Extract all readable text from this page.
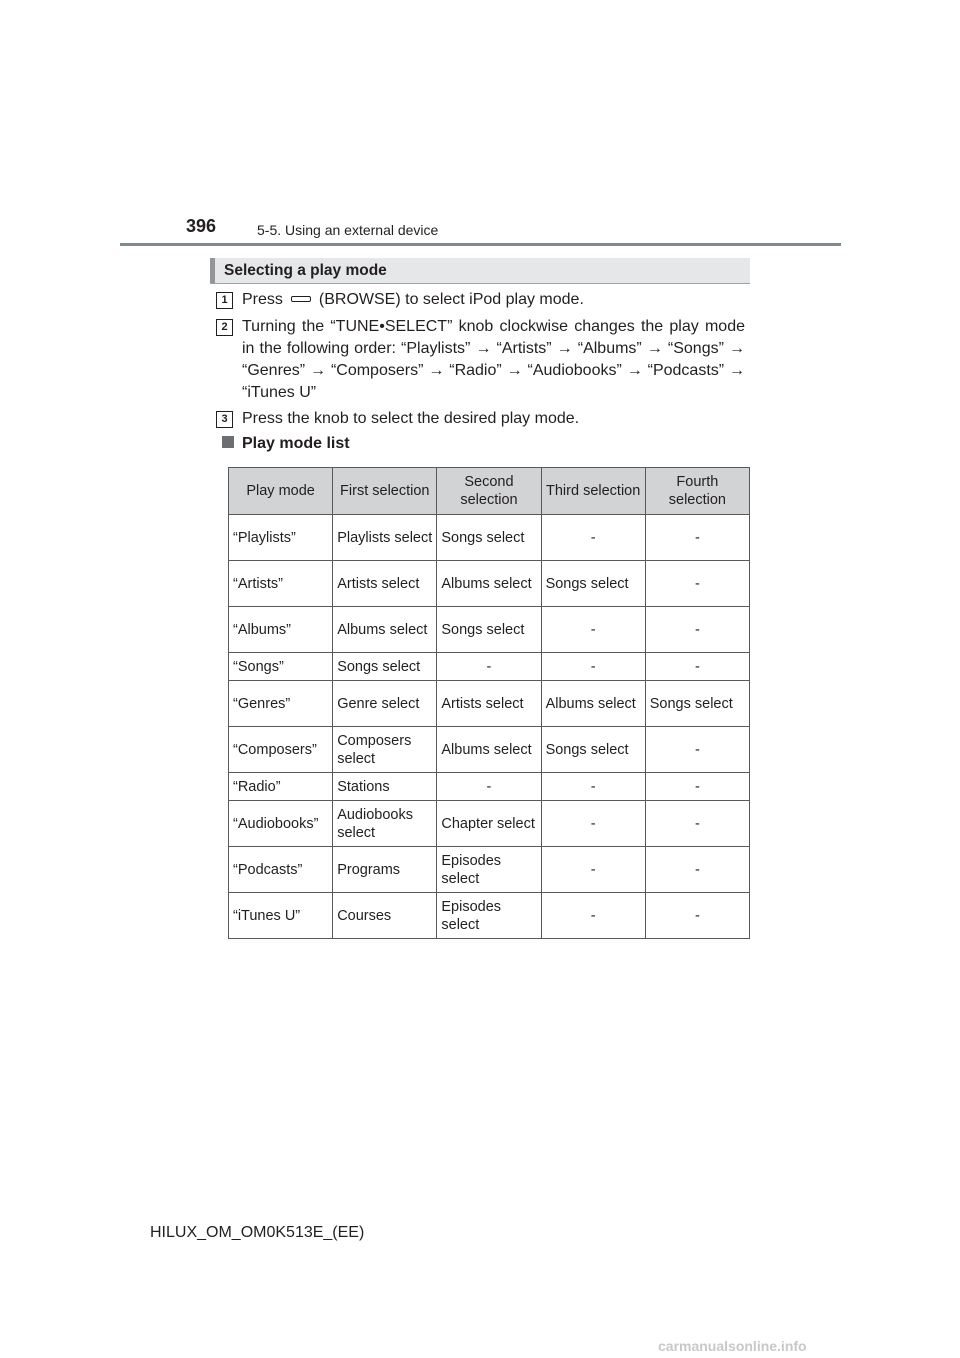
396	5-5. Using an external device
Selecting a play mode
1 Press (BROWSE) to select iPod play mode.
2 Turning the “TUNE•SELECT” knob clockwise changes the play mode in the following order: “Playlists” → “Artists” → “Albums” → “Songs” → “Genres” → “Composers” → “Radio” → “Audiobooks” → “Podcasts” → “iTunes U”
3 Press the knob to select the desired play mode.
Play mode list
Play mode	First selection	Second selection	Third selection	Fourth selection
“Playlists”	Playlists select	Songs select	-	-
“Artists”	Artists select	Albums select	Songs select	-
“Albums”	Albums select	Songs select	-	-
“Songs”	Songs select	-	-	-
“Genres”	Genre select	Artists select	Albums select	Songs select
“Composers”	Composers select	Albums select	Songs select	-
“Radio”	Stations	-	-	-
“Audiobooks”	Audiobooks select	Chapter select	-	-
“Podcasts”	Programs	Episodes select	-	-
“iTunes U”	Courses	Episodes select	-	-
HILUX_OM_OM0K513E_(EE)
carmanualsonline.info
